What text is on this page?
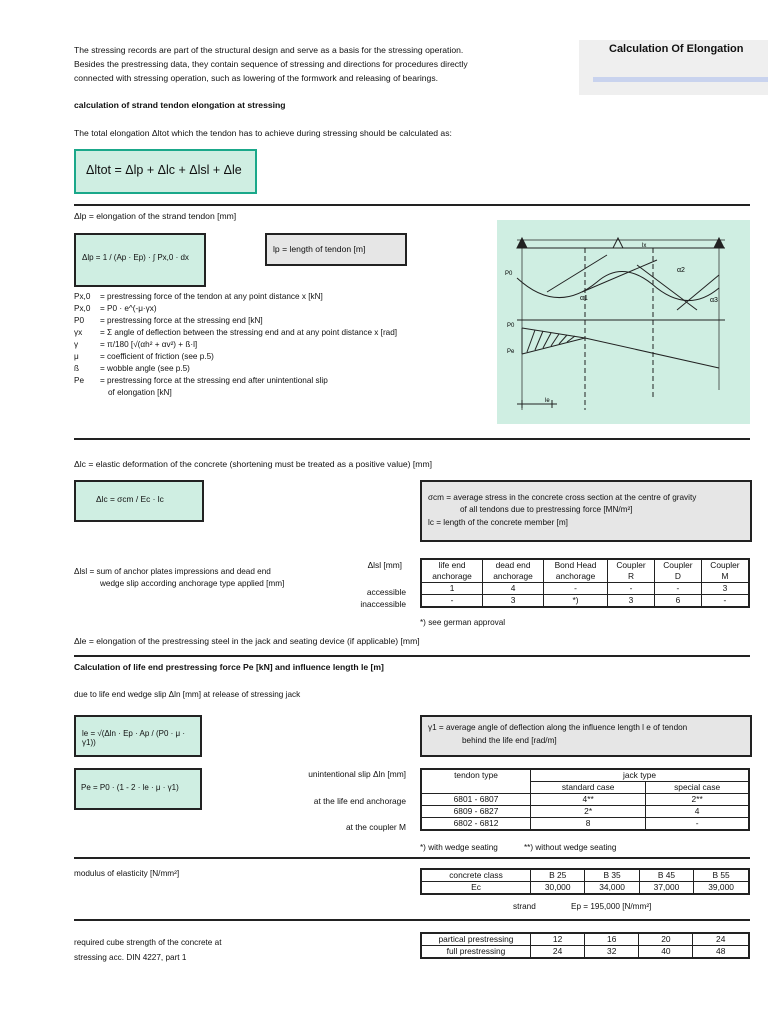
Calculation Of Elongation
The stressing records are part of the structural design and serve as a basis for the stressing operation.
Besides the prestressing data, they contain sequence of stressing and directions for procedures directly
connected with stressing operation, such as lowering of the formwork and releasing of bearings.
calculation of strand tendon elongation at stressing
The total elongation Δltot which the tendon has to achieve during stressing should be calculated as:
Δltot = Δlp + Δlc + Δlsl + Δle
Δlp = elongation of the strand tendon [mm]
Δlp = 1 / (Ap · Ep) · ∫ Px,0 · dx
lp = length of tendon [m]
Px,0 = prestressing force of the tendon at any point distance x [kN]
Px,0 = P0 · e^(-μ·γx)
P0 = prestressing force at the stressing end [kN]
γx = Σ angle of deflection between the stressing end and at any point distance x [rad]
γ	= π/180 [√(αh² + αv²) + ß·l]
μ	= coefficient of friction (see p.5)
ß	= wobble angle (see p.5)
Pe = prestressing force at the stressing end after unintentional slip
of elongation [kN]
P0
P0
Pe
α1
α2
α3
lx
le
Δlc = elastic deformation of the concrete (shortening must be treated as a positive value) [mm]
Δlc = σcm / Ec · lc	σcm = average stress in the concrete cross section at the centre of gravity
of all tendons due to prestressing force [MN/m²]
lc = length of the concrete member [m]
Δlsl = sum of anchor plates impressions and dead end
wedge slip according anchorage type applied [mm]
Δlsl [mm]
accessible
inaccessible
life end	dead end	Bond Head	Coupler	Coupler	Coupler
anchorage	anchorage	anchorage	R	D	M
1	4	-	-	-	3
-	3	*)	3	6	-
*) see german approval
Δle = elongation of the prestressing steel in the jack and seating device (if applicable) [mm]
Calculation of life end prestressing force Pe [kN] and influence length le [m]
due to life end wedge slip Δln [mm] at release of stressing jack
le = √(Δln · Ep · Ap / (P0 · μ · γ1))
γ1 = average angle of deflection along the influence length l e of tendon
behind the life end [rad/m]
Pe = P0 · (1 - 2 · le · μ · γ1)
unintentional slip Δln [mm]
at the life end anchorage
at the coupler M
tendon type	jack type	
	standard case	special case
6801 - 6807	4**	2**
6809 - 6827	2*	4
6802 - 6812	8	-
*) with wedge seating	**) without wedge seating
modulus of elasticity [N/mm²]	concrete class	B 25	B 35	B 45	B 55
Ec	30,000	34,000	37,000	39,000
strand	Ep = 195,000 [N/mm²]
required cube strength of the concrete at
stressing acc. DIN 4227, part 1
partical prestressing	12	16	20	24
full prestressing	24	32	40	48
